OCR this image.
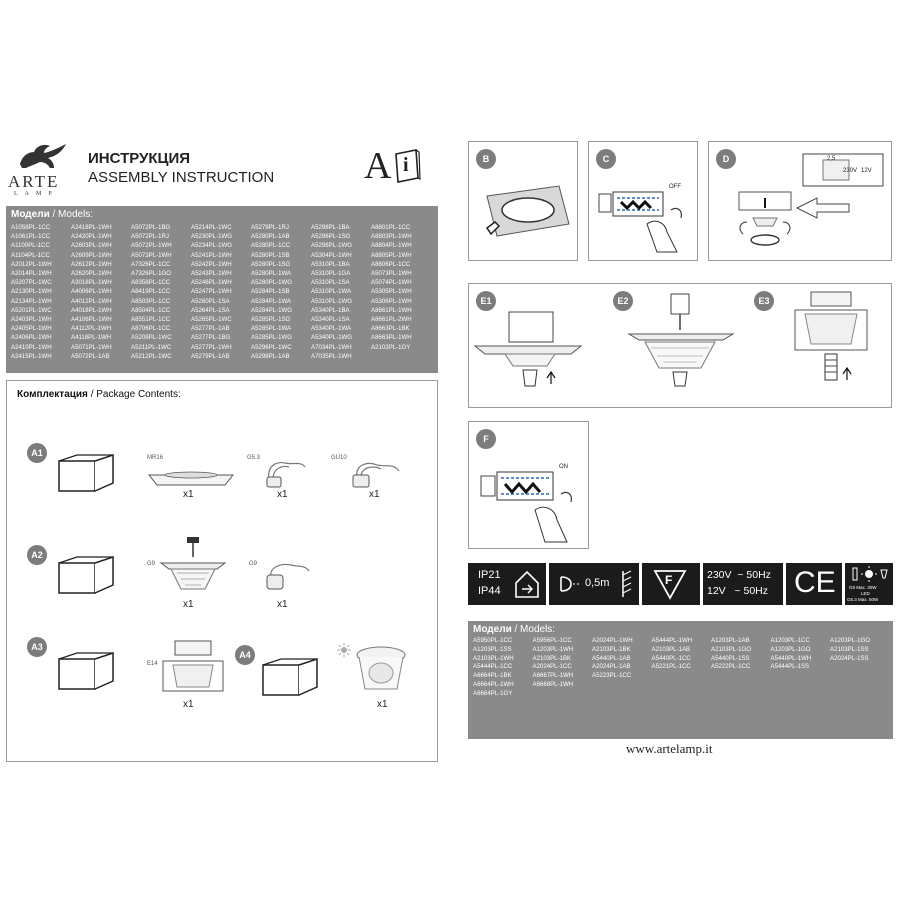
ARTE
LAMP
ИНСТРУКЦИЯ
ASSEMBLY INSTRUCTION A i
Модели / Models:
A1058PL-1CC	A2418PL-1WH	A5072PL-1BG	A5214PL-1WC	A5279PL-1RJ	A5298PL-1BA	A8801PL-1CC
A1061PL-1CC	A2420PL-1WH	A5072PL-1RJ	A5230PL-1WG	A5280PL-1AB	A5298PL-1SG	A8803PL-1WH
A1100PL-1CC	A2603PL-1WH	A5072PL-1WH	A5234PL-1WG	A5280PL-1CC	A5298PL-1WG	A8804PL-1WH
A1104PL-1CC	A2609PL-1WH	A5073PL-1WH	A5241PL-1WH	A5280PL-1SB	A5304PL-1WH	A8805PL-1WH
A2012PL-1WH	A2612PL-1WH	A7326PL-1CC	A5242PL-1WH	A5280PL-1SG	A5310PL-1BA	A8806PL-1CC
A2014PL-1WH	A2620PL-1WH	A7326PL-1GO	A5243PL-1WH	A5280PL-1WA	A5310PL-1GA	A5073PL-1WH
A5207PL-1WC	A3018PL-1WH	A8358PL-1CC	A5246PL-1WH	A5280PL-1WG	A5310PL-1SA	A5074PL-1WH
A2130PL-1WH	A4006PL-1WH	A8419PL-1CC	A5247PL-1WH	A5284PL-1SB	A5310PL-1WA	A5305PL-1WH
A2134PL-1WH	A4012PL-1WH	A8503PL-1CC	A5260PL-1SA	A5284PL-1WA	A5310PL-1WG	A5306PL-1WH
A5201PL-1WC	A4018PL-1WH	A8504PL-1CC	A5264PL-1SA	A5284PL-1WG	A5340PL-1BA	A8661PL-1WH
A2403PL-1WH	A4106PL-1WH	A8551PL-1CC	A5265PL-1WC	A5285PL-1SG	A5340PL-1SA	A8661PL-2WH
A2405PL-1WH	A4112PL-1WH	A8706PL-1CC	A5277PL-1AB	A5285PL-1WA	A5340PL-1WA	A8663PL-1BK
A2406PL-1WH	A4118PL-1WH	A5208PL-1WC	A5277PL-1BG	A5285PL-1WG	A5340PL-1WG	A8663PL-1WH
A2410PL-1WH	A5071PL-1WH	A5211PL-1WC	A5277PL-1WH	A5296PL-1WC	A7034PL-1WH	A2103PL-1GY
A2415PL-1WH	A5072PL-1AB	A5212PL-1WC	A5279PL-1AB	A5298PL-1AB	A7035PL-1WH
Комплектация / Package Contents:
A1	MR16
x1
G5.3
x1
GU10
x1
A2
G9
x1
G9
x1
A3
E14
x1
A4
x1
B	C
OFF
D	2,5
230V 12V
E1	E2	E3
F
ON
IP21
IP44
0,5m	F	230V  ~ 50Hz
12V   ~ 50Hz CE	G9 Max. 30W
LED
G5.3 Max. 50W
Модели / Models:
A5950PL-1CC	A5956PL-1CC	A2024PL-1WH	A5444PL-1WH	A1203PL-1AB	A1203PL-1CC	A1203PL-1GO
A1203PL-1SS	A1203PL-1WH	A2103PL-1BK	A2103PL-1AB	A2103PL-1GO	A1203PL-1GO	A2103PL-1SS
A2103PL-1WH	A2103PL-1BK	A5440PL-1AB	A5440PL-1CC	A5440PL-1SS	A5440PL-1WH	A2024PL-1SS
A5444PL-1CC	A2024PL-1CC	A2024PL-1AB	A5221PL-1CC	A5222PL-1CC	A5444PL-1SS
A6664PL-1BK	A6667PL-1WH	A5223PL-1CC
A6664PL-1WH	A6668PL-1WH
A6664PL-1GY
www.artelamp.it
